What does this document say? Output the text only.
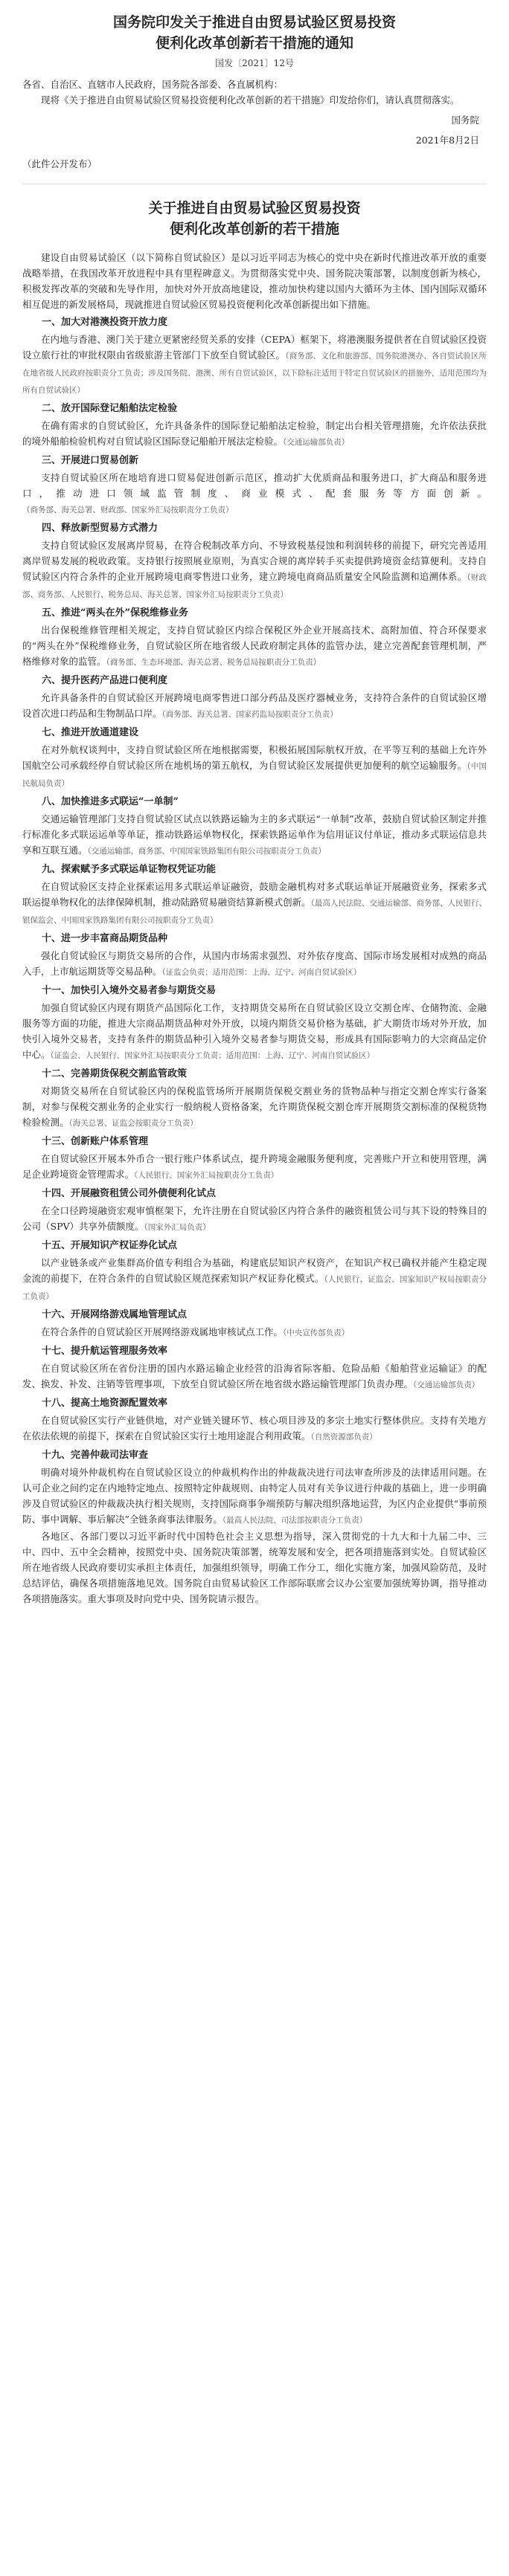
国务院印发关于推进自由贸易试验区贸易投资
便利化改革创新若干措施的通知
国发〔2021〕12号

各省、自治区、直辖市人民政府，国务院各部委、各直属机构：

现将《关于推进自由贸易试验区贸易投资便利化改革创新的若干措施》印发给你们，请认真贯彻落实。

国务院
2021年8月2日
（此件公开发布）
关于推进自由贸易试验区贸易投资
便利化改革创新的若干措施

建设自由贸易试验区（以下简称自贸试验区）是以习近平同志为核心的党中央在新时代推进改革开放的重要战略举措，在我国改革开放进程中具有里程碑意义。为贯彻落实党中央、国务院决策部署，以制度创新为核心，积极发挥改革的突破和先导作用，加快对外开放高地建设，推动加快构建以国内大循环为主体、国内国际双循环相互促进的新发展格局，现就推进自贸试验区贸易投资便利化改革创新提出如下措施。

一、加大对港澳投资开放力度

在内地与香港、澳门关于建立更紧密经贸关系的安排（CEPA）框架下，将港澳服务提供者在自贸试验区投资设立旅行社的审批权限由省级旅游主管部门下放至自贸试验区。（商务部、文化和旅游部、国务院港澳办、各自贸试验区所在地省级人民政府按职责分工负责；涉及国务院、港澳、所有自贸试验区，以下除标注适用于特定自贸试验区的措施外，适用范围均为所有自贸试验区）

二、放开国际登记船舶法定检验

在确有需求的自贸试验区，允许具备条件的国际登记船舶法定检验，制定出台相关管理措施，允许依法获批的境外船舶检验机构对自贸试验区国际登记船舶开展法定检验。（交通运输部负责）

三、开展进口贸易创新

支持自贸试验区所在地培育进口贸易促进创新示范区，推动扩大优质商品和服务进口，扩大商品和服务进口，推动进口领域监管制度、商业模式、配套服务等方面创新。（商务部、海关总署、财政部、国家外汇局按职责分工负责）

四、释放新型贸易方式潜力

支持自贸试验区发展离岸贸易，在符合税制改革方向、不导致税基侵蚀和利润转移的前提下，研究完善适用离岸贸易发展的税收政策。支持银行按照展业原则，为真实合规的离岸转手买卖提供跨境资金结算便利。支持自贸试验区内符合条件的企业开展跨境电商零售进口业务，建立跨境电商商品质量安全风险监测和追溯体系。（财政部、商务部、人民银行、税务总局、海关总署、国家外汇局按职责分工负责）

五、推进“两头在外”保税维修业务

出台保税维修管理相关规定，支持自贸试验区内综合保税区外企业开展高技术、高附加值、符合环保要求的“两头在外”保税维修业务，自贸试验区所在地省级人民政府制定具体的监管办法，建立完善配套管理机制，严格维修对象的监管。（商务部、生态环境部、海关总署、税务总局按职责分工负责）

六、提升医药产品进口便利度

允许具备条件的自贸试验区开展跨境电商零售进口部分药品及医疗器械业务，支持符合条件的自贸试验区增设首次进口药品和生物制品口岸。（商务部、海关总署、国家药监局按职责分工负责）

七、推进开放通道建设

在对外航权谈判中，支持自贸试验区所在地根据需要，积极拓展国际航权开放，在平等互利的基础上允许外国航空公司承载经停自贸试验区所在地机场的第五航权，为自贸试验区发展提供更加便利的航空运输服务。（中国民航局负责）

八、加快推进多式联运“一单制”

交通运输管理部门支持自贸试验区试点以铁路运输为主的多式联运“一单制”改革，鼓励自贸试验区制定并推行标准化多式联运运单等单证，推动铁路运单物权化，探索铁路运单作为信用证议付单证，推动多式联运信息共享和互联互通。（交通运输部、商务部、中国国家铁路集团有限公司按职责分工负责）

九、探索赋予多式联运单证物权凭证功能

在自贸试验区支持企业探索运用多式联运单证融资，鼓励金融机构对多式联运单证开展融资业务，探索多式联运提单物权化的法律保障机制，推动陆路贸易融资结算新模式创新。（最高人民法院、交通运输部、商务部、人民银行、银保监会、中国国家铁路集团有限公司按职责分工负责）

十、进一步丰富商品期货品种

强化自贸试验区与期货交易所的合作，从国内市场需求强烈、对外依存度高、国际市场发展相对成熟的商品入手，上市航运期货等交易品种。（证监会负责；适用范围：上海、辽宁、河南自贸试验区）

十一、加快引入境外交易者参与期货交易

加强自贸试验区内现有期货产品国际化工作，支持期货交易所在自贸试验区设立交割仓库、仓储物流、金融服务等方面的功能，推进大宗商品期货品种对外开放，以境内期货交易价格为基础，扩大期货市场对外开放，加快引入境外交易者，支持有条件的期货品种引入境外交易者参与期货交易，形成具有国际影响力的大宗商品定价中心。（证监会、人民银行、国家外汇局按职责分工负责；适用范围：上海、辽宁、河南自贸试验区）

十二、完善期货保税交割监管政策

对期货交易所在自贸试验区内的保税监管场所开展期货保税交割业务的货物品种与指定交割仓库实行备案制，对参与保税交割业务的企业实行一般纳税人资格备案，允许期货保税交割仓库开展期货交割标准的保税货物检验检测。（海关总署、证监会按职责分工负责）

十三、创新账户体系管理

在自贸试验区开展本外币合一银行账户体系试点，提升跨境金融服务便利度，完善账户开立和使用管理，满足企业跨境资金管理需求。（人民银行、国家外汇局按职责分工负责）

十四、开展融资租赁公司外债便利化试点

在全口径跨境融资宏观审慎框架下，允许注册在自贸试验区内符合条件的融资租赁公司与其下设的特殊目的公司（SPV）共享外债额度。（国家外汇局负责）

十五、开展知识产权证券化试点

以产业链条或产业集群高价值专利组合为基础，构建底层知识产权资产，在知识产权已确权并能产生稳定现金流的前提下，在符合条件的自贸试验区规范探索知识产权证券化模式。（人民银行、证监会、国家知识产权局按职责分工负责）

十六、开展网络游戏属地管理试点

在符合条件的自贸试验区开展网络游戏属地审核试点工作。（中央宣传部负责）

十七、提升航运管理服务效率

在自贸试验区所在省份注册的国内水路运输企业经营的沿海省际客船、危险品船《船舶营业运输证》的配发、换发、补发、注销等管理事项，下放至自贸试验区所在地省级水路运输管理部门负责办理。（交通运输部负责）

十八、提高土地资源配置效率

在自贸试验区实行产业链供地，对产业链关键环节、核心项目涉及的多宗土地实行整体供应。支持有关地方在依法依规的前提下，探索在自贸试验区实行土地用途混合利用政策。（自然资源部负责）

十九、完善仲裁司法审查

明确对境外仲裁机构在自贸试验区设立的仲裁机构作出的仲裁裁决进行司法审查所涉及的法律适用问题。在认可企业之间约定在内地特定地点、按照特定仲裁规则、由特定人员对有关争议进行仲裁的基础上，进一步明确涉及自贸试验区的仲裁裁决执行相关规则，支持国际商事争端预防与解决组织落地运营，为区内企业提供“事前预防、事中调解、事后解决”全链条商事法律服务。（最高人民法院、司法部按职责分工负责）

各地区、各部门要以习近平新时代中国特色社会主义思想为指导，深入贯彻党的十九大和十九届二中、三中、四中、五中全会精神，按照党中央、国务院决策部署，统筹发展和安全，把各项措施落到实处。自贸试验区所在地省级人民政府要切实承担主体责任，加强组织领导，明确工作分工，细化实施方案，加强风险防范，及时总结评估，确保各项措施落地见效。国务院自由贸易试验区工作部际联席会议办公室要加强统筹协调，指导推动各项措施落实。重大事项及时向党中央、国务院请示报告。
